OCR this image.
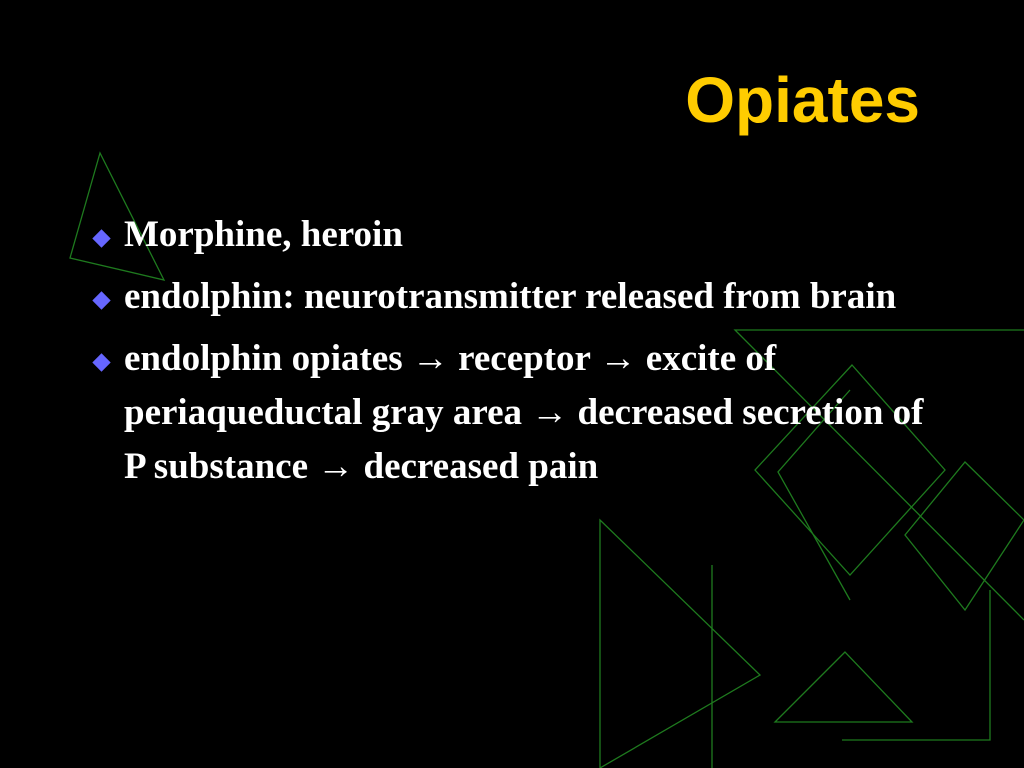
Opiates
Morphine, heroin
endolphin: neurotransmitter released from brain
endolphin opiates → receptor → excite of periaqueductal gray area → decreased secretion of P substance → decreased pain
